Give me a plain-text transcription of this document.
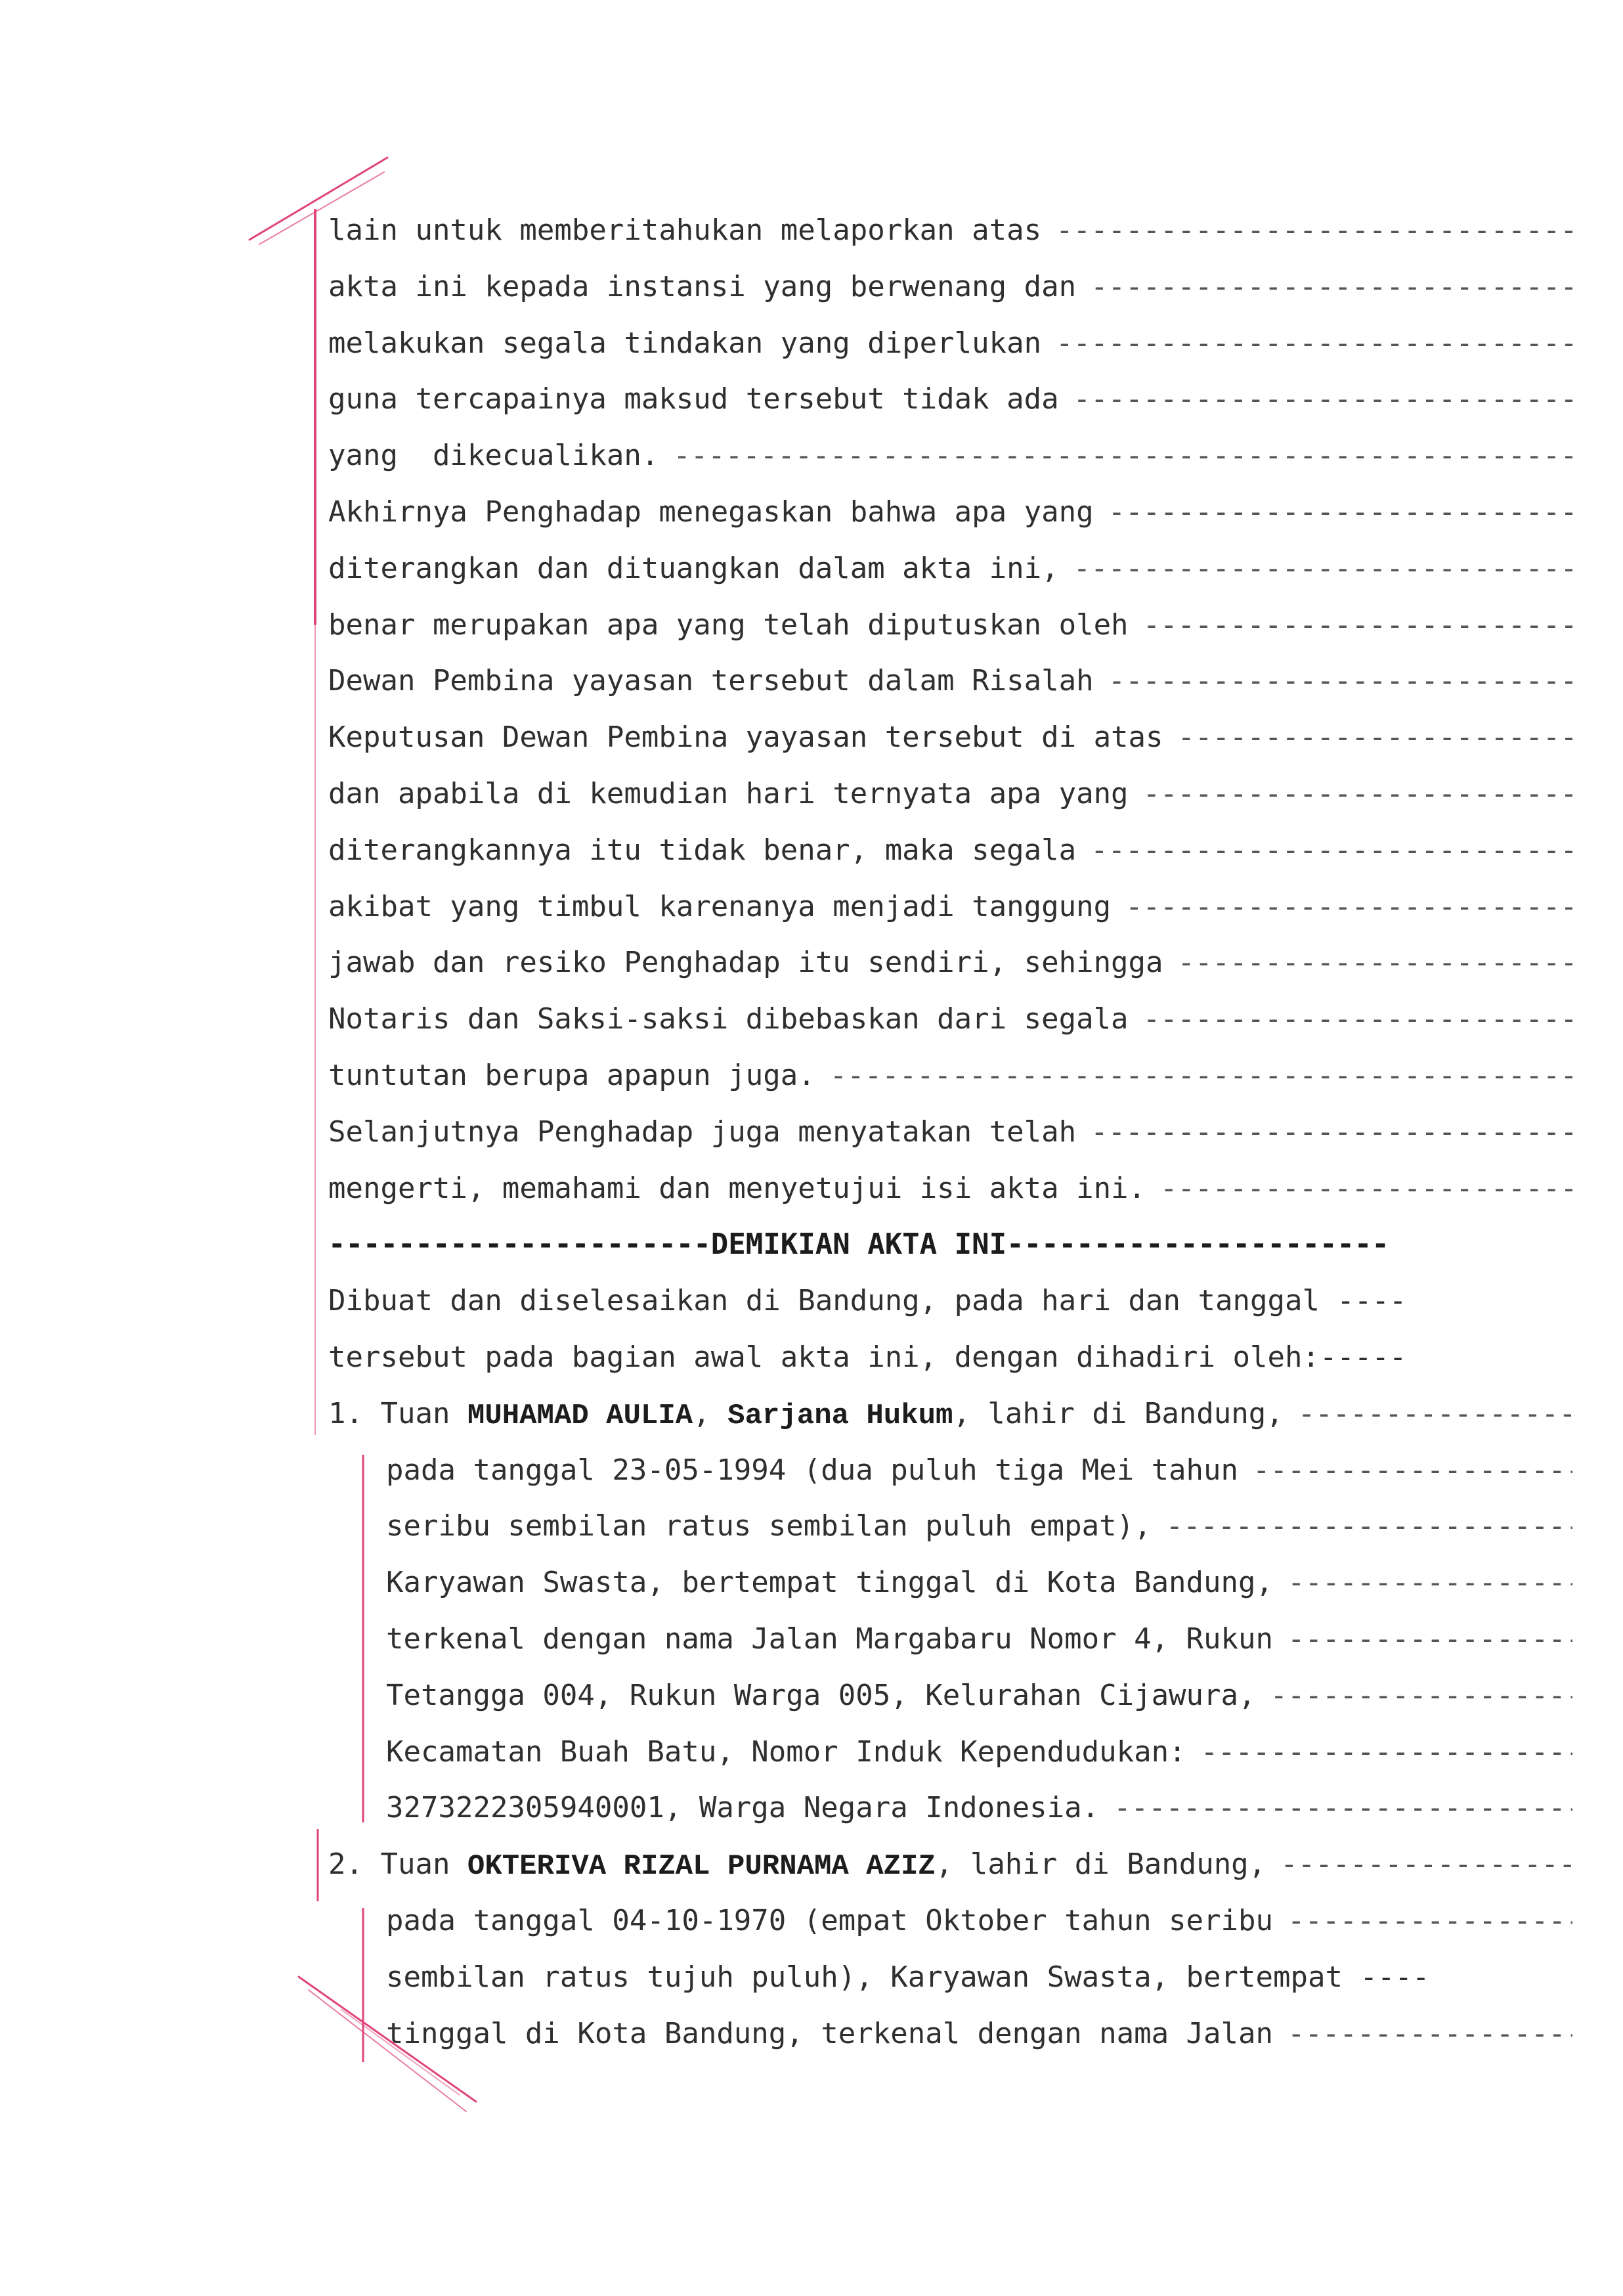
lain untuk memberitahukan melaporkan atas
-----
akta ini kepada instansi yang berwenang dan
-----
melakukan segala tindakan yang diperlukan
-----
guna tercapainya maksud tersebut tidak ada
-----
yang  dikecualikan.
-----
Akhirnya Penghadap menegaskan bahwa apa yang
-----
diterangkan dan dituangkan dalam akta ini,
-----
benar merupakan apa yang telah diputuskan oleh
-----
Dewan Pembina yayasan tersebut dalam Risalah
-----
Keputusan Dewan Pembina yayasan tersebut di atas
-----
dan apabila di kemudian hari ternyata apa yang
-----
diterangkannya itu tidak benar, maka segala
-----
akibat yang timbul karenanya menjadi tanggung
-----
jawab dan resiko Penghadap itu sendiri, sehingga
-----
Notaris dan Saksi-saksi dibebaskan dari segala
-----
tuntutan berupa apapun juga.
-----
Selanjutnya Penghadap juga menyatakan telah
-----
mengerti, memahami dan menyetujui isi akta ini.
-----
----------------------DEMIKIAN AKTA INI----------------------
Dibuat dan diselesaikan di Bandung, pada hari dan tanggal ----
tersebut pada bagian awal akta ini, dengan dihadiri oleh:-----
1. Tuan MUHAMAD AULIA, Sarjana Hukum, lahir di Bandung,
-----
pada tanggal 23-05-1994 (dua puluh tiga Mei tahun
-----
seribu sembilan ratus sembilan puluh empat),
-----
Karyawan Swasta, bertempat tinggal di Kota Bandung,
-----
terkenal dengan nama Jalan Margabaru Nomor 4, Rukun
-----
Tetangga 004, Rukun Warga 005, Kelurahan Cijawura,
-----
Kecamatan Buah Batu, Nomor Induk Kependudukan:
-----
3273222305940001, Warga Negara Indonesia.
-----
2. Tuan OKTERIVA RIZAL PURNAMA AZIZ, lahir di Bandung,
-----
pada tanggal 04-10-1970 (empat Oktober tahun seribu
-----
sembilan ratus tujuh puluh), Karyawan Swasta, bertempat ----
tinggal di Kota Bandung, terkenal dengan nama Jalan
-----
